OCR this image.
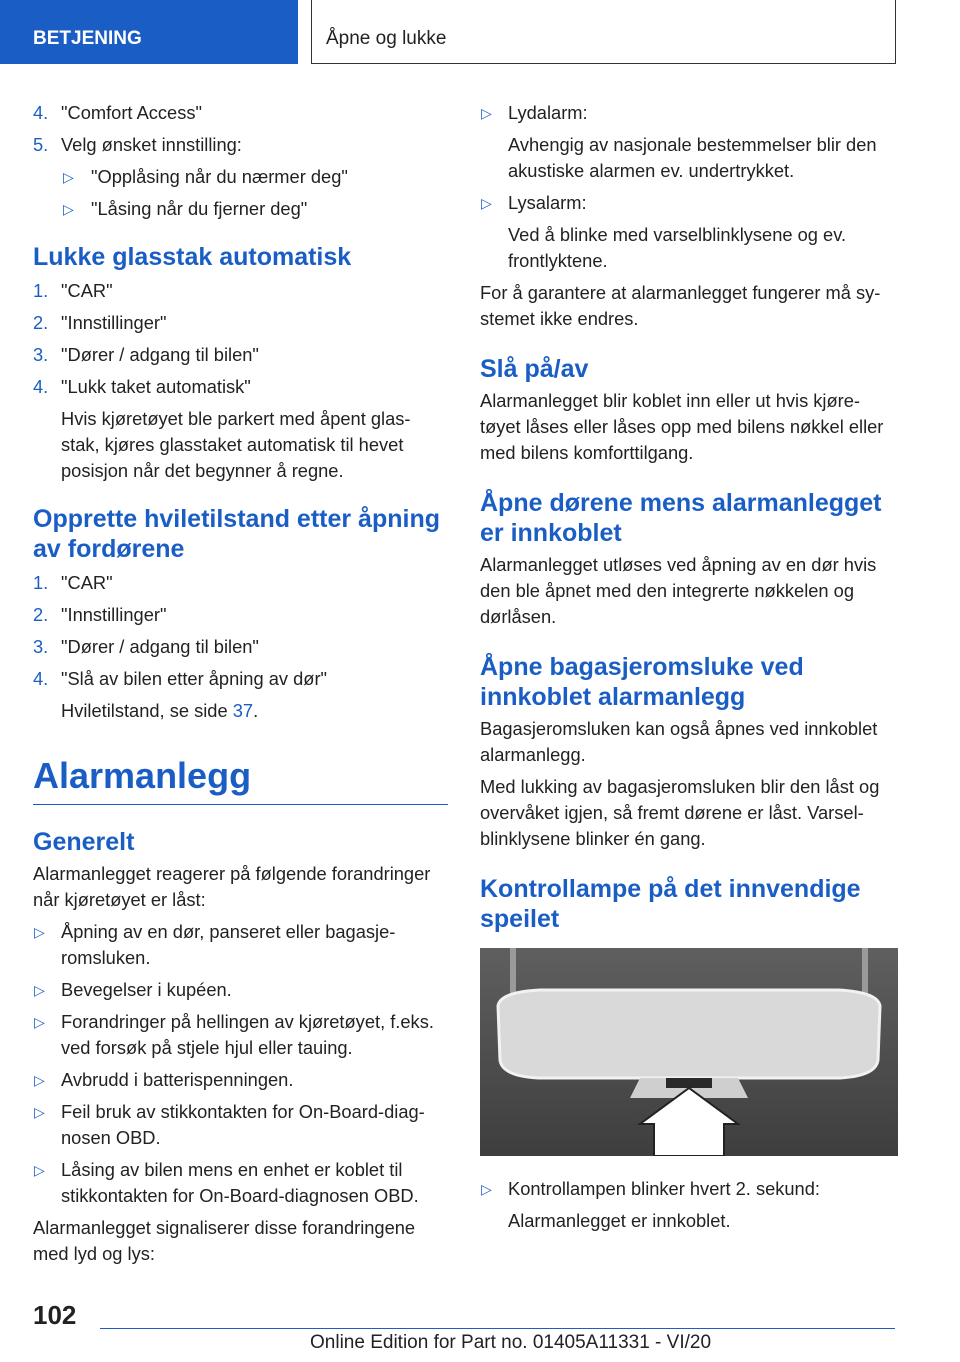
BETJENING	Åpne og lukke
4. "Comfort Access"
5. Velg ønsket innstilling:
▷ "Opplåsing når du nærmer deg"
▷ "Låsing når du fjerner deg"
Lukke glasstak automatisk
1. "CAR"
2. "Innstillinger"
3. "Dører / adgang til bilen"
4. "Lukk taket automatisk"
Hvis kjøretøyet ble parkert med åpent glas‐ stak, kjøres glasstaket automatisk til hevet posisjon når det begynner å regne.
Opprette hviletilstand etter åpning av fordørene
1. "CAR"
2. "Innstillinger"
3. "Dører / adgang til bilen"
4. "Slå av bilen etter åpning av dør"
Hviletilstand, se side 37.
Alarmanlegg
Generelt
Alarmanlegget reagerer på følgende forandringer når kjøretøyet er låst:
▷ Åpning av en dør, panseret eller bagasje‐ romsluken.
▷ Bevegelser i kupéen.
▷ Forandringer på hellingen av kjøretøyet, f.eks. ved forsøk på stjele hjul eller tauing.
▷ Avbrudd i batterispenningen.
▷ Feil bruk av stikkontakten for On-Board-diag‐ nosen OBD.
▷ Låsing av bilen mens en enhet er koblet til stikkontakten for On-Board-diagnosen OBD.
Alarmanlegget signaliserer disse forandringene med lyd og lys:
▷ Lydalarm:
Avhengig av nasjonale bestemmelser blir den akustiske alarmen ev. undertrykket.
▷ Lysalarm:
Ved å blinke med varselblinklysene og ev. frontlyktene.
For å garantere at alarmanlegget fungerer må sy‐ stemet ikke endres.
Slå på/av
Alarmanlegget blir koblet inn eller ut hvis kjøre‐ tøyet låses eller låses opp med bilens nøkkel eller med bilens komforttilgang.
Åpne dørene mens alarmanlegget er innkoblet
Alarmanlegget utløses ved åpning av en dør hvis den ble åpnet med den integrerte nøkkelen og dørlåsen.
Åpne bagasjeromsluke ved innkoblet alarmanlegg
Bagasjeromsluken kan også åpnes ved innkoblet alarmanlegg.
Med lukking av bagasjeromsluken blir den låst og overvåket igjen, så fremt dørene er låst. Varsel‐ blinklysene blinker én gang.
Kontrollampe på det innvendige speilet
▷ Kontrollampen blinker hvert 2. sekund:
Alarmanlegget er innkoblet.
102
Online Edition for Part no. 01405A11331 - VI/20
